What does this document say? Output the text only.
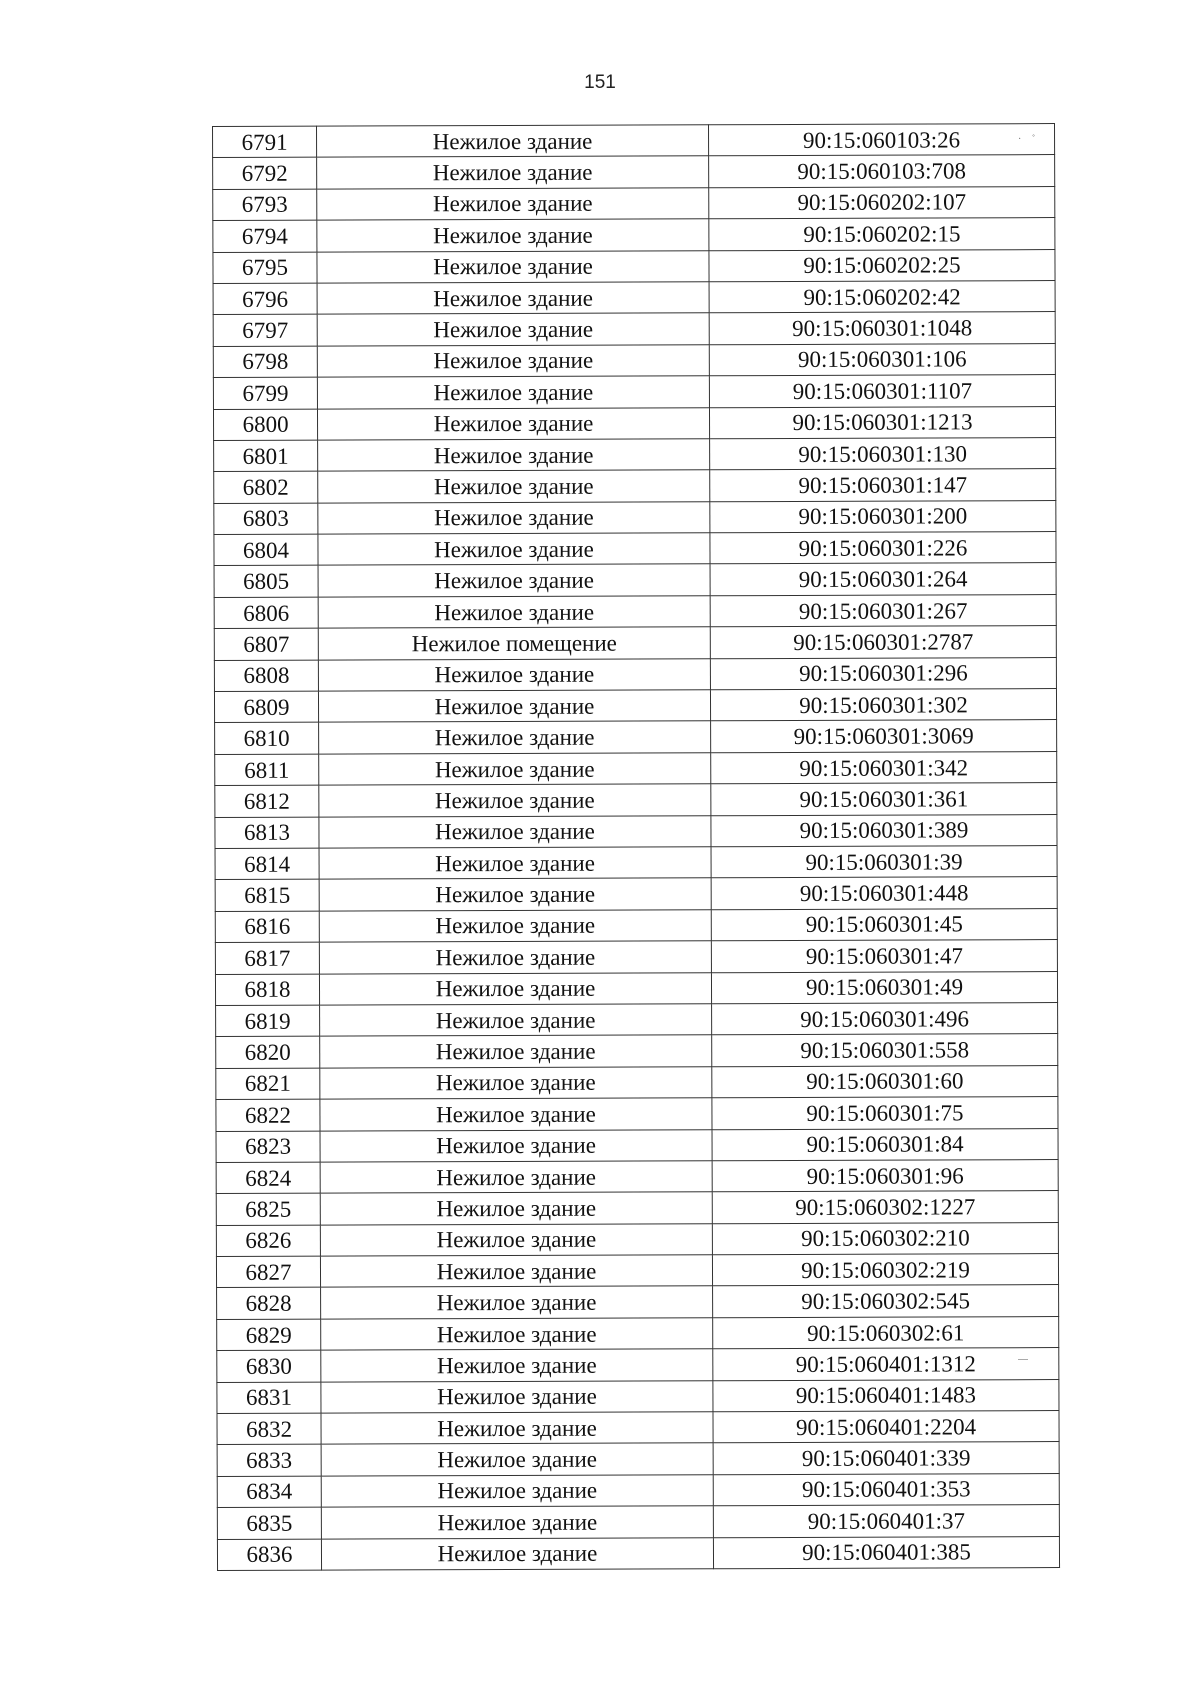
151
· ˚
6791	Нежилое здание	90:15:060103:26
6792	Нежилое здание	90:15:060103:708
6793	Нежилое здание	90:15:060202:107
6794	Нежилое здание	90:15:060202:15
6795	Нежилое здание	90:15:060202:25
6796	Нежилое здание	90:15:060202:42
6797	Нежилое здание	90:15:060301:1048
6798	Нежилое здание	90:15:060301:106
6799	Нежилое здание	90:15:060301:1107
6800	Нежилое здание	90:15:060301:1213
6801	Нежилое здание	90:15:060301:130
6802	Нежилое здание	90:15:060301:147
6803	Нежилое здание	90:15:060301:200
6804	Нежилое здание	90:15:060301:226
6805	Нежилое здание	90:15:060301:264
6806	Нежилое здание	90:15:060301:267
6807	Нежилое помещение	90:15:060301:2787
6808	Нежилое здание	90:15:060301:296
6809	Нежилое здание	90:15:060301:302
6810	Нежилое здание	90:15:060301:3069
6811	Нежилое здание	90:15:060301:342
6812	Нежилое здание	90:15:060301:361
6813	Нежилое здание	90:15:060301:389
6814	Нежилое здание	90:15:060301:39
6815	Нежилое здание	90:15:060301:448
6816	Нежилое здание	90:15:060301:45
6817	Нежилое здание	90:15:060301:47
6818	Нежилое здание	90:15:060301:49
6819	Нежилое здание	90:15:060301:496
6820	Нежилое здание	90:15:060301:558
6821	Нежилое здание	90:15:060301:60
6822	Нежилое здание	90:15:060301:75
6823	Нежилое здание	90:15:060301:84
6824	Нежилое здание	90:15:060301:96
6825	Нежилое здание	90:15:060302:1227
6826	Нежилое здание	90:15:060302:210
6827	Нежилое здание	90:15:060302:219
6828	Нежилое здание	90:15:060302:545
6829	Нежилое здание	90:15:060302:61
6830	Нежилое здание	90:15:060401:1312
6831	Нежилое здание	90:15:060401:1483
6832	Нежилое здание	90:15:060401:2204
6833	Нежилое здание	90:15:060401:339
6834	Нежилое здание	90:15:060401:353
6835	Нежилое здание	90:15:060401:37
6836	Нежилое здание	90:15:060401:385
